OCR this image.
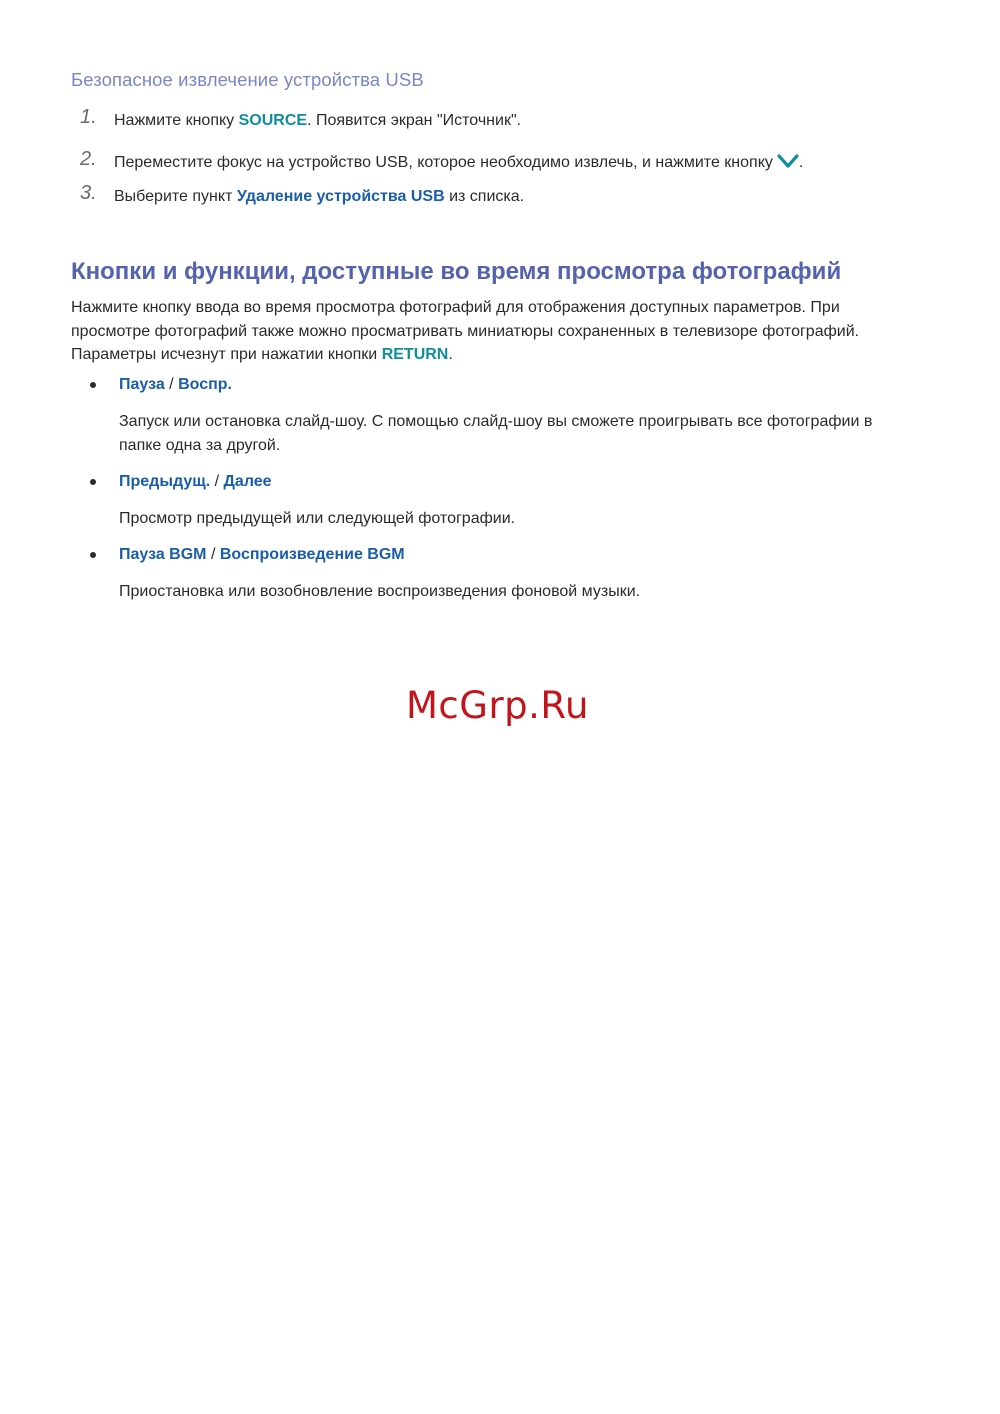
Безопасное извлечение устройства USB
1.	Нажмите кнопку SOURCE. Появится экран "Источник".
2.	Переместите фокус на устройство USB, которое необходимо извлечь, и нажмите кнопку .
3.	Выберите пункт Удаление устройства USB из списка.
Кнопки и функции, доступные во время просмотра фотографий

Нажмите кнопку ввода во время просмотра фотографий для отображения доступных параметров. При

просмотре фотографий также можно просматривать миниатюры сохраненных в телевизоре фотографий.

Параметры исчезнут при нажатии кнопки RETURN.

Пауза / Воспр.

Запуск или остановка слайд-шоу. С помощью слайд-шоу вы сможете проигрывать все фотографии в

папке одна за другой.

Предыдущ. / Далее

Просмотр предыдущей или следующей фотографии.

Пауза BGM / Воспроизведение BGM

Приостановка или возобновление воспроизведения фоновой музыки.

McGrp.Ru
